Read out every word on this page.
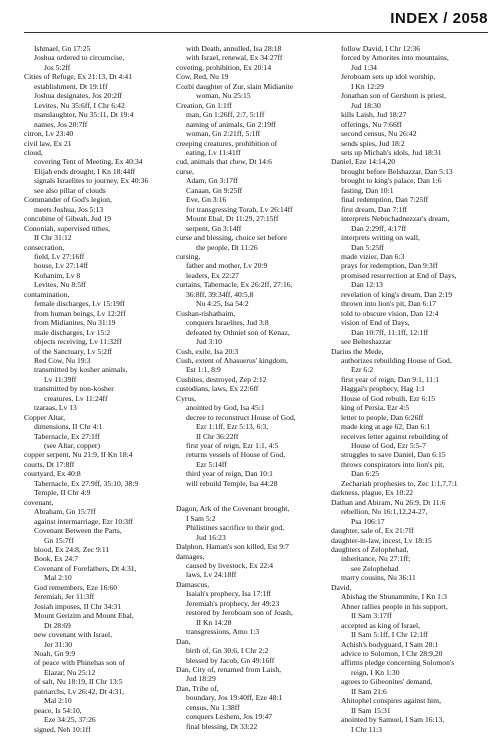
INDEX / 2058
Ishmael, Gn 17:25
Joshua ordered to circumcise,
Jos 5:2ff
Cities of Refuge, Ex 21:13, Dt 4:41
establishment, Dt 19:1ff
Joshua designates, Jos 20:2ff
Levites, Nu 35:6ff, I Chr 6:42
manslaughter, Nu 35:11, Dt 19:4
names, Jos 20:7ff
citron, Lv 23:40
civil law, Ex 21
cloud,
covering Tent of Meeting, Ex 40:34
Elijah ends drought, I Kn 18:44ff
signals Israelites to journey, Ex 40:36
see also pillar of clouds
Commander of God's legion,
meets Joshua, Jos 5:13
concubine of Gibeah, Jud 19
Cononiah, supervised tithes,
II Chr 31:12
consecration,
field, Lv 27:16ff
house, Lv 27:14ff
Kohanim, Lv 8
Levites, Nu 8:5ff
contamination,
female discharges, Lv 15:19ff
from human beings, Lv 12:2ff
from Midianites, Nu 31:19
male discharges, Lv 15:2
objects receiving, Lv 11:32ff
of the Sanctuary, Lv 5:2ff
Red Cow, Nu 19:3
transmitted by kosher animals,
Lv 11:39ff
transmitted by non-kosher
creatures, Lv 11:24ff
tzaraas, Lv 13
Copper Altar,
dimensions, II Chr 4:1
Tabernacle, Ex 27:1ff
(see Altar, copper)
copper serpent, Nu 21:9, II Kn 18:4
courts, Dt 17:8ff
courtyard, Ex 40:8
Tabernacle, Ex 27:9ff, 35:10, 38:9
Temple, II Chr 4:9
covenant,
Abraham, Gn 15:7ff
against intermarriage, Ezr 10:3ff
Covenant Between the Parts,
Gn 15:7ff
blood, Ex 24:8, Zec 9:11
Book, Ex 24:7
Covenant of Forefathers, Dt 4:31,
Mal 2:10
God remembers, Eze 16:60
Jeremiah, Jer 11:3ff
Josiah imposes, II Chr 34:31
Mount Gerizim and Mount Ebal,
Dt 28:69
new covenant with Israel,
Jer 31:30
Noah, Gn 9:9
of peace with Phinehas son of
Elazar, Nu 25:12
of salt, Nu 18:19, II Chr 13:5
patriarchs, Lv 26:42, Dt 4:31,
Mal 2:10
peace, Is 54:10,
Eze 34:25, 37:26
signed, Neh 10:1ff
with Death, annulled, Isa 28:18
with Israel, renewal, Ex 34:27ff
coveting, prohibition, Ex 20:14
Cow, Red, Nu 19
Cozbi daughter of Zur, slain Midianite
woman, Nu 25:15
Creation, Gn 1:1ff
man, Gn 1:26ff, 2:7, 5:1ff
naming of animals, Gn 2:19ff
woman, Gn 2:21ff, 5:1ff
creeping creatures, prohibition of
eating, Lv 11:41ff
cud, animals that chew, Dt 14:6
curse,
Adam, Gn 3:17ff
Canaan, Gn 9:25ff
Eve, Gn 3:16
for transgressing Torah, Lv 26:14ff
Mount Ebal, Dt 11:29, 27:15ff
serpent, Gn 3:14ff
curse and blessing, choice set before
the people, Dt 11:26
cursing,
father and mother, Lv 20:9
leaders, Ex 22:27
curtains, Tabernacle, Ex 26:2ff, 27:16,
36:8ff, 39:34ff, 40:5,8
Nu 4:25, Isa 54:2
Cushan-rishathaim,
conquers Israelites, Jud 3:8
defeated by Othniel son of Kenaz,
Jud 3:10
Cush, exile, Isa 20:3
Cush, extent of Ahasuerus' kingdom,
Est 1:1, 8:9
Cushites, destroyed, Zep 2:12
custodians, laws, Ex 22:6ff
Cyrus,
anointed by God, Isa 45:1
decree to reconstruct House of God,
Ezr 1:1ff, Ezr 5:13, 6:3,
II Chr 36:22ff
first year of reign, Ezr 1:1, 4:5
returns vessels of House of God,
Ezr 5:14ff
third year of reign, Dan 10:1
will rebuild Temple, Isa 44:28
Dagon, Ark of the Covenant brought,
I Sam 5:2
Philistines sacrifice to their god,
Jud 16:23
Dalphon, Haman's son killed, Est 9:7
damages,
caused by livestock, Ex 22:4
laws, Lv 24:18ff
Damascus,
Isaiah's prophecy, Isa 17:1ff
Jeremiah's prophecy, Jer 49:23
restored by Jeroboam son of Joash,
II Kn 14:28
transgressions, Amo 1:3
Dan,
birth of, Gn 30:6, I Chr 2:2
blessed by Jacob, Gn 49:16ff
Dan, City of, renamed from Laish,
Jud 18:29
Dan, Tribe of,
boundary, Jos 19:40ff, Eze 48:1
census, Nu 1:38ff
conquers Leshem, Jos 19:47
final blessing, Dt 33:22
follow David, I Chr 12:36
forced by Amorites into mountains,
Jud 1:34
Jeroboam sets up idol worship,
I Kn 12:29
Jonathan son of Gershom is priest,
Jud 18:30
kills Laish, Jud 18:27
offerings, Nu 7:66ff
second census, Nu 26:42
sends spies, Jud 18:2
sets up Michah's idols, Jud 18:31
Daniel, Eze 14:14,20
brought before Belshazzar, Dan 5:13
brought to king's palace, Dan 1:6
fasting, Dan 10:1
final redemption, Dan 7:25ff
first dream, Dan 7:1ff
interprets Nebuchadnezzar's dream,
Dan 2:29ff, 4:17ff
interprets writing on wall,
Dan 5:25ff
made vizier, Dan 6:3
prays for redemption, Dan 9:3ff
promised resurrection at End of Days,
Dan 12:13
revelation of king's dream, Dan 2:19
thrown into lion's pit, Dan 6:17
told to obscure vision, Dan 12:4
vision of End of Days,
Dan 10:7ff, 11:1ff, 12:1ff
see Belteshazzar
Darius the Mede,
authorizes rebuilding House of God,
Ezr 6:2
first year of reign, Dan 9:1, 11:1
Haggai's prophecy, Hag 1:1
House of God rebuilt, Ezr 6:15
king of Persia, Ezr 4:5
letter to people, Dan 6:26ff
made king at age 62, Dan 6:1
receives letter against rebuilding of
House of God, Ezr 5:5-7
struggles to save Daniel, Dan 6:15
throws conspirators into lion's pit,
Dan 6:25
Zechariah prophesies to, Zec 1:1,7,7:1
darkness, plague, Ex 10:22
Dathan and Abiram, Nu 26:9, Dt 11:6
rebellion, Nu 16:1,12,24-27,
Psa 106:17
daughter, sale of, Ex 21:7ff
daughter-in-law, incest, Lv 18:15
daughters of Zelophehad,
inheritance, Nu 27:1ff;
see Zelophehad
marry cousins, Nu 36:11
David,
Abishag the Shunammite, I Kn 1:3
Abner rallies people in his support,
II Sam 3:17ff
accepted as king of Israel,
II Sam 5:1ff, I Chr 12:1ff
Achish's bodyguard, I Sam 28:1
advice to Solomon, I Chr 28:9,20
affirms pledge concerning Solomon's
reign, I Kn 1:30
agrees to Gibeonites' demand,
II Sam 21:6
Ahitophel conspires against him,
II Sam 15:31
anointed by Samuel, I Sam 16:13,
I Chr 11:3
